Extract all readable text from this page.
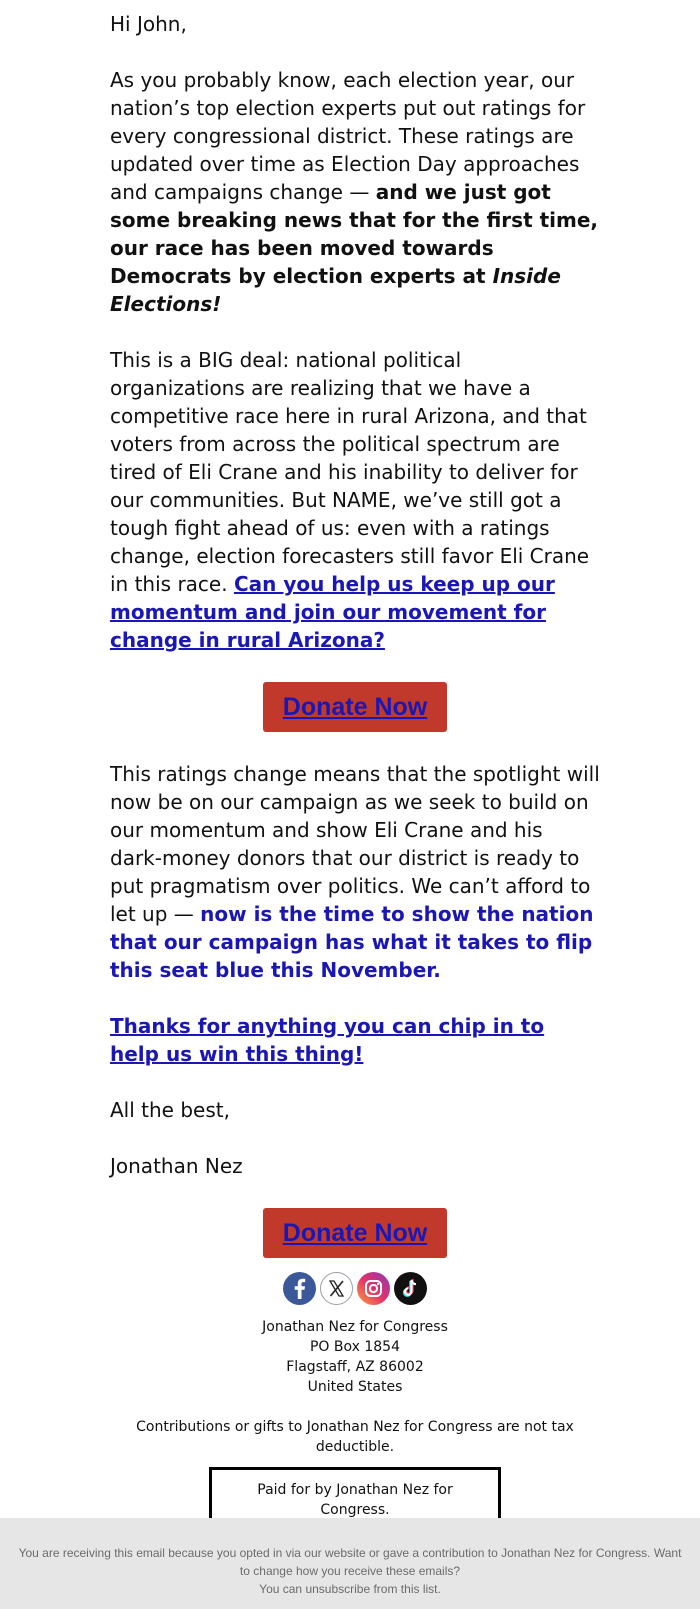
Hi John,

As you probably know, each election year, our nation’s top election experts put out ratings for every congressional district. These ratings are updated over time as Election Day approaches and campaigns change — and we just got some breaking news that for the first time, our race has been moved towards Democrats by election experts at Inside Elections!

This is a BIG deal: national political organizations are realizing that we have a competitive race here in rural Arizona, and that voters from across the political spectrum are tired of Eli Crane and his inability to deliver for our communities. But NAME, we’ve still got a tough fight ahead of us: even with a ratings change, election forecasters still favor Eli Crane in this race. Can you help us keep up our momentum and join our movement for change in rural Arizona?

Donate Now

This ratings change means that the spotlight will now be on our campaign as we seek to build on our momentum and show Eli Crane and his dark-money donors that our district is ready to put pragmatism over politics. We can’t afford to let up — now is the time to show the nation that our campaign has what it takes to flip this seat blue this November.

Thanks for anything you can chip in to help us win this thing!

All the best,

Jonathan Nez

Donate Now
Jonathan Nez for Congress
PO Box 1854
Flagstaff, AZ 86002
United States
Contributions or gifts to Jonathan Nez for Congress are not tax deductible.
Paid for by Jonathan Nez for Congress.
You are receiving this email because you opted in via our website or gave a contribution to Jonathan Nez for Congress. Want to change how you receive these emails?
You can unsubscribe from this list.
